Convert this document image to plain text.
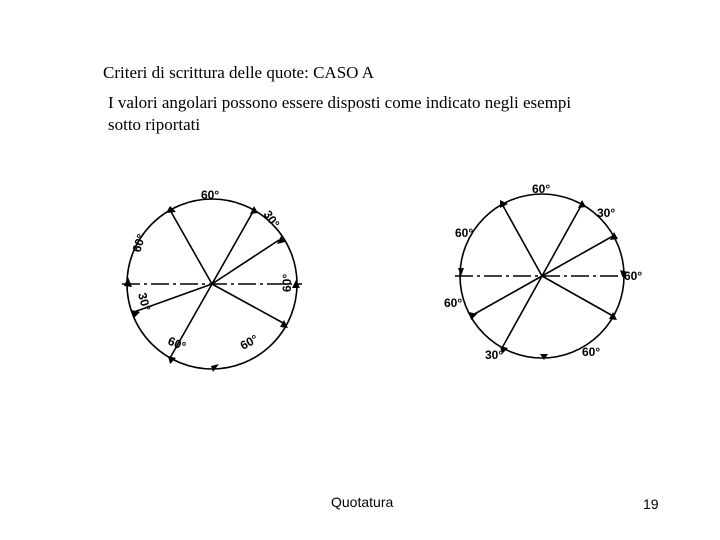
Criteri di scrittura delle quote: CASO A

I valori angolari possono essere disposti come indicato negli esempi
sotto riportati

60°
30°
60°
60°
30°
60°	60°
60°
30°
60°
60°
60°
30°	60°
Quotatura	19
